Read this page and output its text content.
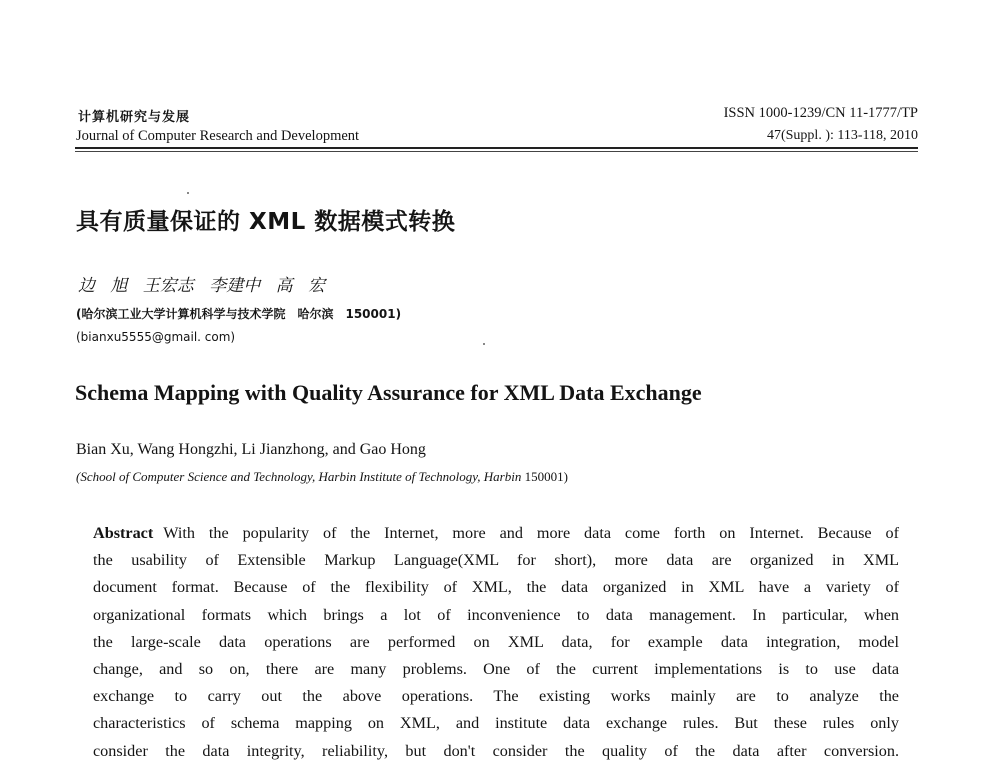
计算机研究与发展
Journal of Computer Research and Development
ISSN 1000-1239/CN 11-1777/TP
47(Suppl. ): 113-118, 2010
具有质量保证的 XML 数据模式转换
边 旭 王宏志 李建中 高 宏
(哈尔滨工业大学计算机科学与技术学院　哈尔滨　150001)
(bianxu5555@gmail. com)
Schema Mapping with Quality Assurance for XML Data Exchange
Bian Xu, Wang Hongzhi, Li Jianzhong, and Gao Hong
(School of Computer Science and Technology, Harbin Institute of Technology, Harbin 150001)
Abstract With the popularity of the Internet, more and more data come forth on Internet. Because of
the usability of Extensible Markup Language(XML for short), more data are organized in XML
document format. Because of the flexibility of XML, the data organized in XML have a variety of
organizational formats which brings a lot of inconvenience to data management. In particular, when
the large-scale data operations are performed on XML data, for example data integration, model
change, and so on, there are many problems. One of the current implementations is to use data
exchange to carry out the above operations. The existing works mainly are to analyze the
characteristics of schema mapping on XML, and institute data exchange rules. But these rules only
consider the data integrity, reliability, but don't consider the quality of the data after conversion.
